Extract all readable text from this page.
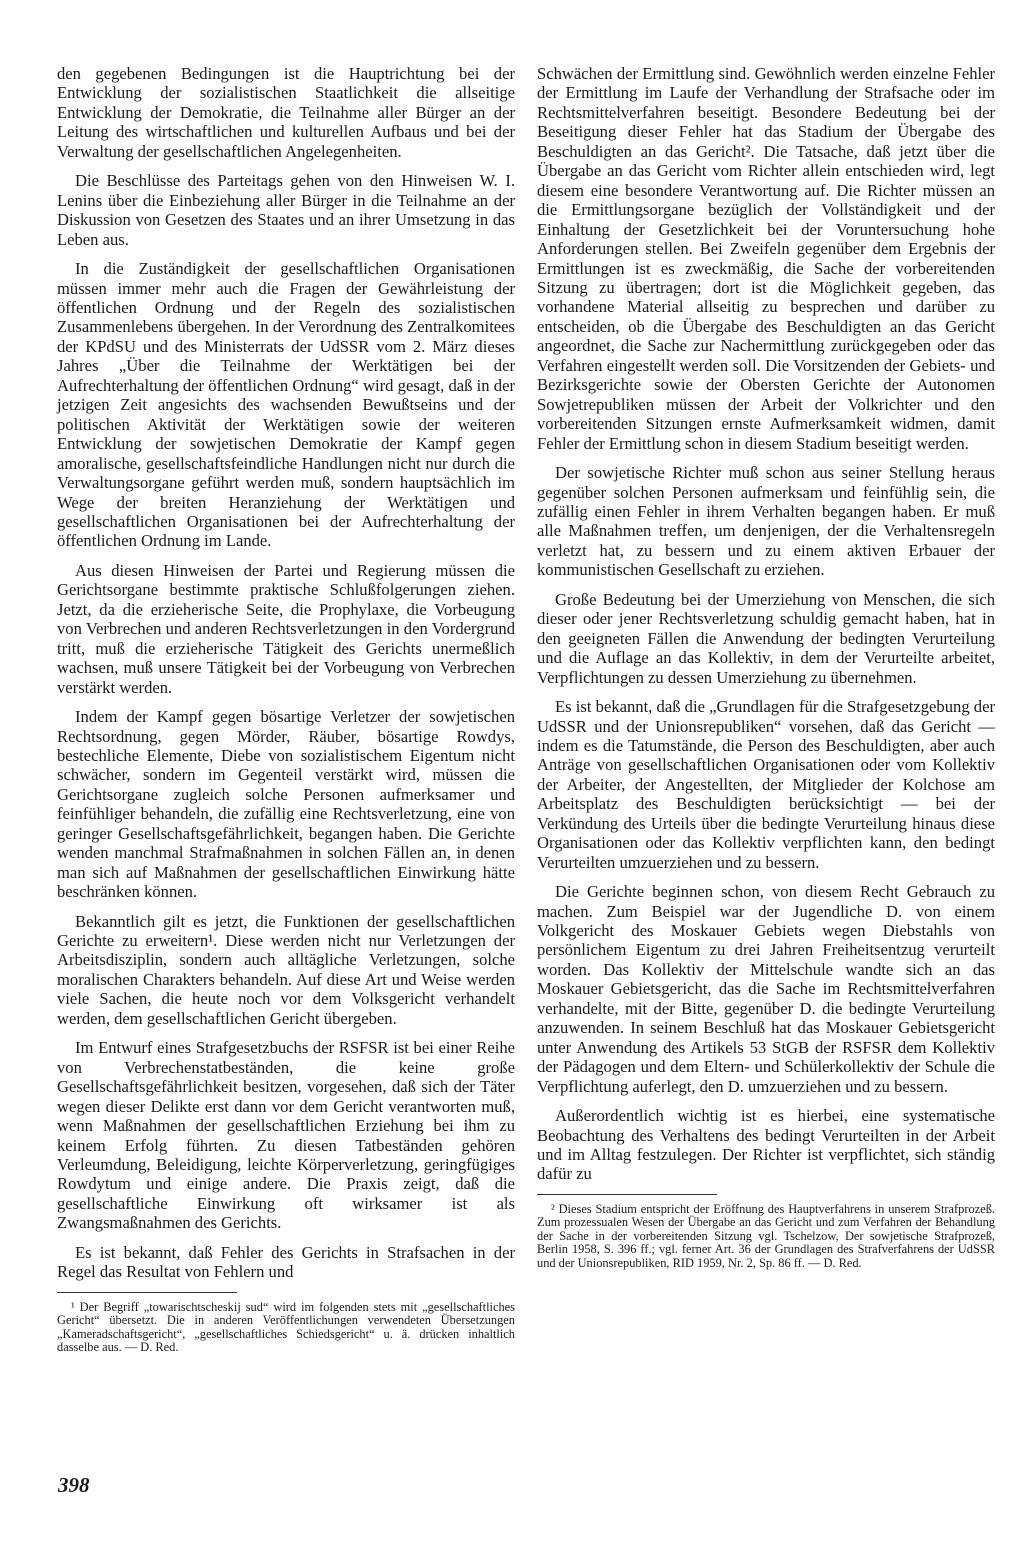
den gegebenen Bedingungen ist die Hauptrichtung bei der Entwicklung der sozialistischen Staatlichkeit die allseitige Entwicklung der Demokratie, die Teilnahme aller Bürger an der Leitung des wirtschaftlichen und kulturellen Aufbaus und bei der Verwaltung der gesellschaftlichen Angelegenheiten.

Die Beschlüsse des Parteitags gehen von den Hinweisen W. I. Lenins über die Einbeziehung aller Bürger in die Teilnahme an der Diskussion von Gesetzen des Staates und an ihrer Umsetzung in das Leben aus.

In die Zuständigkeit der gesellschaftlichen Organisationen müssen immer mehr auch die Fragen der Gewährleistung der öffentlichen Ordnung und der Regeln des sozialistischen Zusammenlebens übergehen. In der Verordnung des Zentralkomitees der KPdSU und des Ministerrats der UdSSR vom 2. März dieses Jahres „Über die Teilnahme der Werktätigen bei der Aufrechterhaltung der öffentlichen Ordnung“ wird gesagt, daß in der jetzigen Zeit angesichts des wachsenden Bewußtseins und der politischen Aktivität der Werktätigen sowie der weiteren Entwicklung der sowjetischen Demokratie der Kampf gegen amoralische, gesellschaftsfeindliche Handlungen nicht nur durch die Verwaltungsorgane geführt werden muß, sondern hauptsächlich im Wege der breiten Heranziehung der Werktätigen und gesellschaftlichen Organisationen bei der Aufrechterhaltung der öffentlichen Ordnung im Lande.

Aus diesen Hinweisen der Partei und Regierung müssen die Gerichtsorgane bestimmte praktische Schlußfolgerungen ziehen. Jetzt, da die erzieherische Seite, die Prophylaxe, die Vorbeugung von Verbrechen und anderen Rechtsverletzungen in den Vordergrund tritt, muß die erzieherische Tätigkeit des Gerichts unermeßlich wachsen, muß unsere Tätigkeit bei der Vorbeugung von Verbrechen verstärkt werden.

Indem der Kampf gegen bösartige Verletzer der sowjetischen Rechtsordnung, gegen Mörder, Räuber, bösartige Rowdys, bestechliche Elemente, Diebe von sozialistischem Eigentum nicht schwächer, sondern im Gegenteil verstärkt wird, müssen die Gerichtsorgane zugleich solche Personen aufmerksamer und feinfühliger behandeln, die zufällig eine Rechtsverletzung, eine von geringer Gesellschaftsgefährlichkeit, begangen haben. Die Gerichte wenden manchmal Strafmaßnahmen in solchen Fällen an, in denen man sich auf Maßnahmen der gesellschaftlichen Einwirkung hätte beschränken können.

Bekanntlich gilt es jetzt, die Funktionen der gesellschaftlichen Gerichte zu erweitern¹. Diese werden nicht nur Verletzungen der Arbeitsdisziplin, sondern auch alltägliche Verletzungen, solche moralischen Charakters behandeln. Auf diese Art und Weise werden viele Sachen, die heute noch vor dem Volksgericht verhandelt werden, dem gesellschaftlichen Gericht übergeben.

Im Entwurf eines Strafgesetzbuchs der RSFSR ist bei einer Reihe von Verbrechenstatbeständen, die keine große Gesellschaftsgefährlichkeit besitzen, vorgesehen, daß sich der Täter wegen dieser Delikte erst dann vor dem Gericht verantworten muß, wenn Maßnahmen der gesellschaftlichen Erziehung bei ihm zu keinem Erfolg führten. Zu diesen Tatbeständen gehören Verleumdung, Beleidigung, leichte Körperverletzung, geringfügiges Rowdytum und einige andere. Die Praxis zeigt, daß die gesellschaftliche Einwirkung oft wirksamer ist als Zwangsmaßnahmen des Gerichts.

Es ist bekannt, daß Fehler des Gerichts in Strafsachen in der Regel das Resultat von Fehlern und

¹ Der Begriff „towarischtscheskij sud“ wird im folgenden stets mit „gesellschaftliches Gericht“ übersetzt. Die in anderen Veröffentlichungen verwendeten Übersetzungen „Kameradschaftsgericht“, „gesellschaftliches Schiedsgericht“ u. ä. drücken inhaltlich dasselbe aus. — D. Red.

Schwächen der Ermittlung sind. Gewöhnlich werden einzelne Fehler der Ermittlung im Laufe der Verhandlung der Strafsache oder im Rechtsmittelverfahren beseitigt. Besondere Bedeutung bei der Beseitigung dieser Fehler hat das Stadium der Übergabe des Beschuldigten an das Gericht². Die Tatsache, daß jetzt über die Übergabe an das Gericht vom Richter allein entschieden wird, legt diesem eine besondere Verantwortung auf. Die Richter müssen an die Ermittlungsorgane bezüglich der Vollständigkeit und der Einhaltung der Gesetzlichkeit bei der Voruntersuchung hohe Anforderungen stellen. Bei Zweifeln gegenüber dem Ergebnis der Ermittlungen ist es zweckmäßig, die Sache der vorbereitenden Sitzung zu übertragen; dort ist die Möglichkeit gegeben, das vorhandene Material allseitig zu besprechen und darüber zu entscheiden, ob die Übergabe des Beschuldigten an das Gericht angeordnet, die Sache zur Nachermittlung zurückgegeben oder das Verfahren eingestellt werden soll. Die Vorsitzenden der Gebiets- und Bezirksgerichte sowie der Obersten Gerichte der Autonomen Sowjetrepubliken müssen der Arbeit der Volkrichter und den vorbereitenden Sitzungen ernste Aufmerksamkeit widmen, damit Fehler der Ermittlung schon in diesem Stadium beseitigt werden.

Der sowjetische Richter muß schon aus seiner Stellung heraus gegenüber solchen Personen aufmerksam und feinfühlig sein, die zufällig einen Fehler in ihrem Verhalten begangen haben. Er muß alle Maßnahmen treffen, um denjenigen, der die Verhaltensregeln verletzt hat, zu bessern und zu einem aktiven Erbauer der kommunistischen Gesellschaft zu erziehen.

Große Bedeutung bei der Umerziehung von Menschen, die sich dieser oder jener Rechtsverletzung schuldig gemacht haben, hat in den geeigneten Fällen die Anwendung der bedingten Verurteilung und die Auflage an das Kollektiv, in dem der Verurteilte arbeitet, Verpflichtungen zu dessen Umerziehung zu übernehmen.

Es ist bekannt, daß die „Grundlagen für die Strafgesetzgebung der UdSSR und der Unionsrepubliken“ vorsehen, daß das Gericht — indem es die Tatumstände, die Person des Beschuldigten, aber auch Anträge von gesellschaftlichen Organisationen oder vom Kollektiv der Arbeiter, der Angestellten, der Mitglieder der Kolchose am Arbeitsplatz des Beschuldigten berücksichtigt — bei der Verkündung des Urteils über die bedingte Verurteilung hinaus diese Organisationen oder das Kollektiv verpflichten kann, den bedingt Verurteilten umzuerziehen und zu bessern.

Die Gerichte beginnen schon, von diesem Recht Gebrauch zu machen. Zum Beispiel war der Jugendliche D. von einem Volkgericht des Moskauer Gebiets wegen Diebstahls von persönlichem Eigentum zu drei Jahren Freiheitsentzug verurteilt worden. Das Kollektiv der Mittelschule wandte sich an das Moskauer Gebietsgericht, das die Sache im Rechtsmittelverfahren verhandelte, mit der Bitte, gegenüber D. die bedingte Verurteilung anzuwenden. In seinem Beschluß hat das Moskauer Gebietsgericht unter Anwendung des Artikels 53 StGB der RSFSR dem Kollektiv der Pädagogen und dem Eltern- und Schülerkollektiv der Schule die Verpflichtung auferlegt, den D. umzuerziehen und zu bessern.

Außerordentlich wichtig ist es hierbei, eine systematische Beobachtung des Verhaltens des bedingt Verurteilten in der Arbeit und im Alltag festzulegen. Der Richter ist verpflichtet, sich ständig dafür zu

² Dieses Stadium entspricht der Eröffnung des Hauptverfahrens in unserem Strafprozeß. Zum prozessualen Wesen der Übergabe an das Gericht und zum Verfahren der Behandlung der Sache in der vorbereitenden Sitzung vgl. Tschelzow, Der sowjetische Strafprozeß, Berlin 1958, S. 396 ff.; vgl. ferner Art. 36 der Grundlagen des Strafverfahrens der UdSSR und der Unionsrepubliken, RID 1959, Nr. 2, Sp. 86 ff. — D. Red.

398
